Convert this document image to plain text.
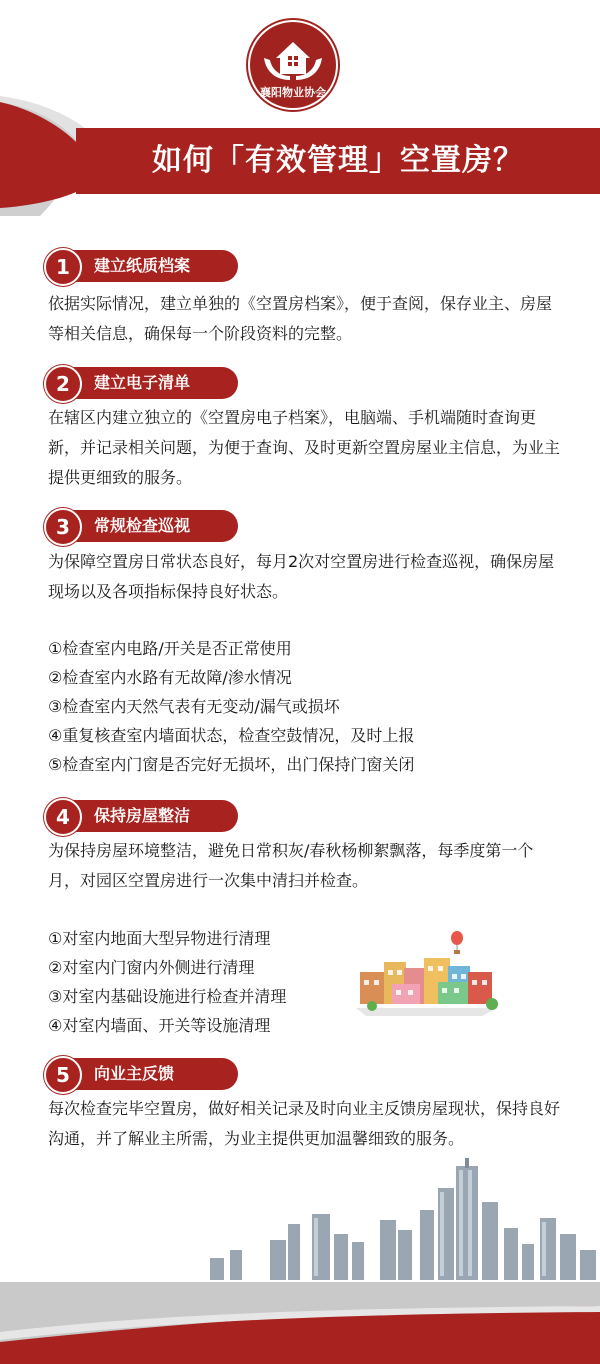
如何「有效管理」空置房？
襄阳物业协会
1	建立纸质档案
依据实际情况，建立单独的《空置房档案》，便于查阅，保存业主、房屋等相关信息，确保每一个阶段资料的完整。
2	建立电子清单
在辖区内建立独立的《空置房电子档案》，电脑端、手机端随时查询更新，并记录相关问题，为便于查询、及时更新空置房屋业主信息，为业主提供更细致的服务。
3	常规检查巡视
为保障空置房日常状态良好，每月2次对空置房进行检查巡视，确保房屋现场以及各项指标保持良好状态。
①检查室内电路/开关是否正常使用
②检查室内水路有无故障/渗水情况
③检查室内天然气表有无变动/漏气或损坏
④重复核查室内墙面状态，检查空鼓情况，及时上报
⑤检查室内门窗是否完好无损坏，出门保持门窗关闭
4	保持房屋整洁
为保持房屋环境整洁，避免日常积灰/春秋杨柳絮飘落，每季度第一个月，对园区空置房进行一次集中清扫并检查。
①对室内地面大型异物进行清理
②对室内门窗内外侧进行清理
③对室内基础设施进行检查并清理
④对室内墙面、开关等设施清理
5	向业主反馈
每次检查完毕空置房，做好相关记录及时向业主反馈房屋现状，保持良好沟通，并了解业主所需，为业主提供更加温馨细致的服务。
